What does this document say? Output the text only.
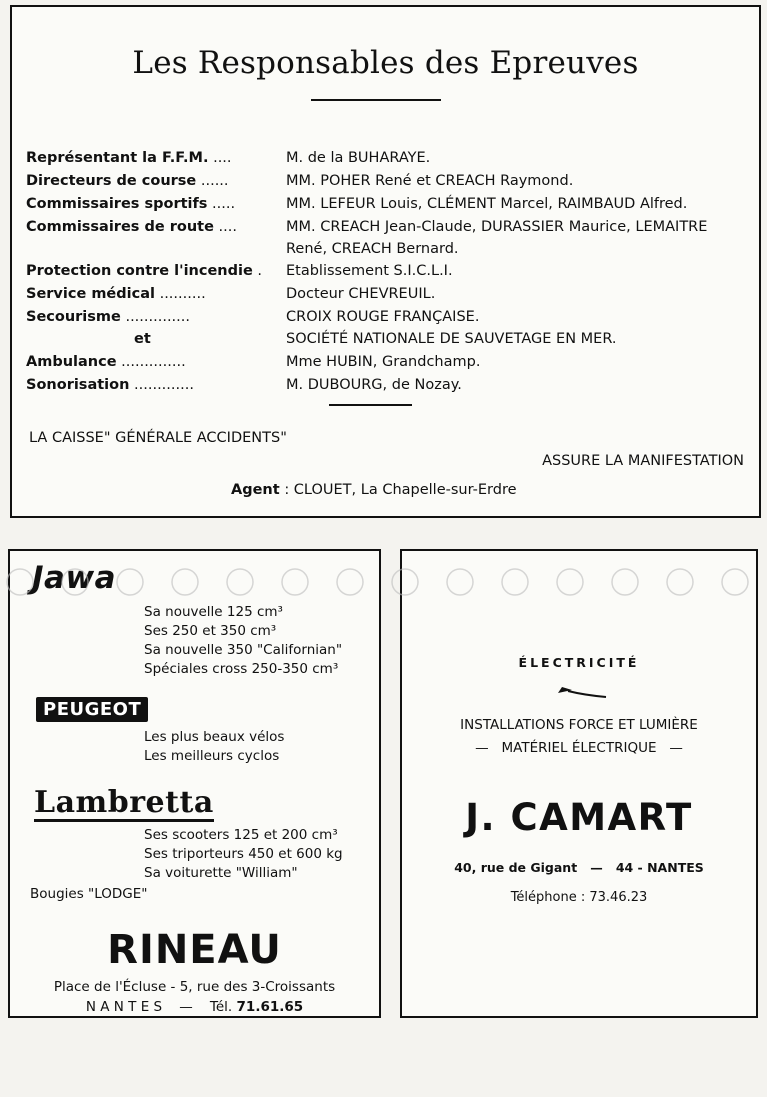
Les Responsables des Epreuves
Représentant la F.F.M. ....	M. de la BUHARAYE.
Directeurs de course ......	MM. POHER René et CREACH Raymond.
Commissaires sportifs .....	MM. LEFEUR Louis, CLÉMENT Marcel, RAIMBAUD Alfred.
Commissaires de route ....	MM. CREACH Jean-Claude, DURASSIER Maurice, LEMAITRE René, CREACH Bernard.
Protection contre l'incendie .	Etablissement S.I.C.L.I.
Service médical ..........	Docteur CHEVREUIL.
Secourisme ..............	CROIX ROUGE FRANÇAISE.
et	SOCIÉTÉ NATIONALE DE SAUVETAGE EN MER.
Ambulance ..............	Mme HUBIN, Grandchamp.
Sonorisation .............	M. DUBOURG, de Nozay.
LA CAISSE" GÉNÉRALE ACCIDENTS"
ASSURE LA MANIFESTATION
Agent : CLOUET, La Chapelle-sur-Erdre
Jawa
Sa nouvelle 125 cm³
Ses 250 et 350 cm³
Sa nouvelle 350 "Californian"
Spéciales cross 250-350 cm³
PEUGEOT
Les plus beaux vélos
Les meilleurs cyclos
Lambretta
Ses scooters 125 et 200 cm³
Ses triporteurs 450 et 600 kg
Sa voiturette "William"
Bougies "LODGE"
RINEAU
Place de l'Écluse - 5, rue des 3-Croissants
N A N T E S — Tél. 71.61.65
ÉLECTRICITÉ
INSTALLATIONS FORCE ET LUMIÈRE
— MATÉRIEL ÉLECTRIQUE —
J. CAMART
40, rue de Gigant — 44 - NANTES
Téléphone : 73.46.23
